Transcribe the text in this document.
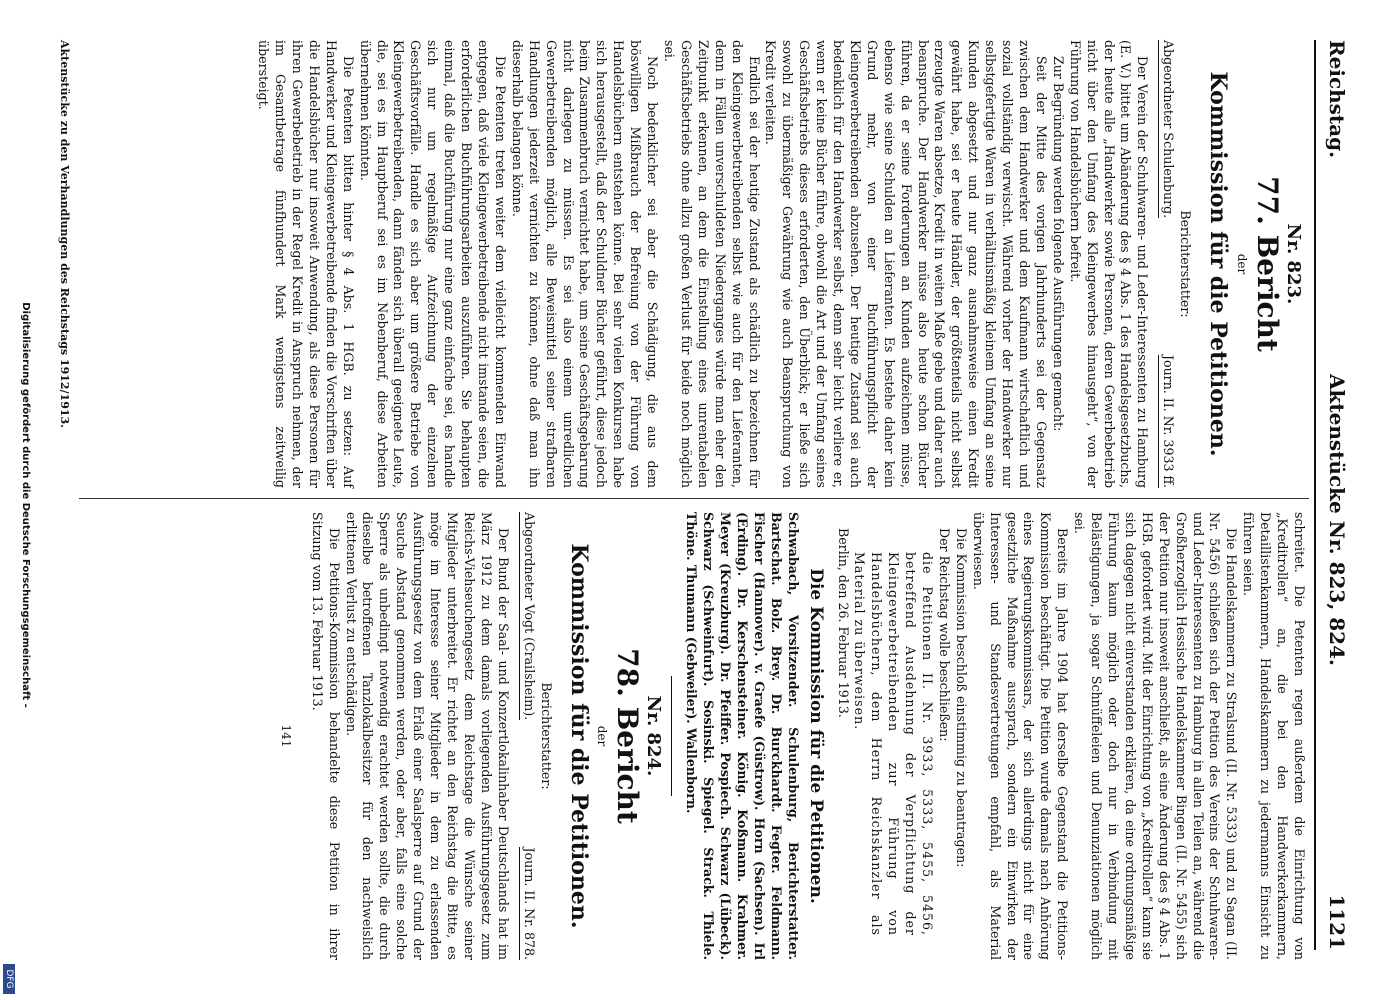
Reichstag.
Aktenstücke Nr. 823, 824.
1121
Nr. 823.
77. Bericht
der
Kommission für die Petitionen.
Berichterstatter:
Abgeordneter Schulenburg.
Journ. II. Nr. 3933 ff.

Der Verein der Schuhwaren- und Leder-Interessenten zu Hamburg (E. V.) bittet um Abänderung des § 4 Abs. 1 des Handelsgesetzbuchs, der heute alle „Handwerker sowie Personen, deren Gewerbebetrieb nicht über den Umfang des Kleingewerbes hinausgeht“, von der Führung von Handelsbüchern befreit.

Zur Begründung werden folgende Ausführungen gemacht:

Seit der Mitte des vorigen Jahrhunderts sei der Gegensatz zwischen dem Handwerker und dem Kaufmann wirtschaftlich und sozial vollständig verwischt. Während vorher der Handwerker nur selbstgefertigte Waren in verhältnismäßig kleinem Umfang an seine Kunden abgesetzt und nur ganz ausnahmsweise einen Kredit gewährt habe, sei er heute Händler, der größtenteils nicht selbst erzeugte Waren absetze, Kredit in weiten Maße gebe und daher auch beanspruche. Der Handwerker müsse also heute schon Bücher führen, da er seine Forderungen an Kunden aufzeichnen müsse, ebenso wie seine Schulden an Lieferanten. Es bestehe daher kein Grund mehr, von einer Buchführungspflicht der Kleingewerbetreibenden abzusehen. Der heutige Zustand sei auch bedenklich für den Handwerker selbst, denn sehr leicht verliere er, wenn er keine Bücher führe, obwohl die Art und der Umfang seines Geschäftsbetriebs dieses erforderten, den Überblick; er ließe sich sowohl zu übermäßiger Gewährung wie auch Beanspruchung von Kredit verleiten.

Endlich sei der heutige Zustand als schädlich zu bezeichnen für den Kleingewerbetreibenden selbst wie auch für den Lieferanten, denn in Fällen unverschuldeten Niederganges würde man eher den Zeitpunkt erkennen, an dem die Einstellung eines unrentabelen Geschäftsbetriebs ohne allzu großen Verlust für beide noch möglich sei.

Noch bedenklicher sei aber die Schädigung, die aus dem böswilligen Mißbrauch der Befreiung von der Führung von Handelsbüchern entstehen könne. Bei sehr vielen Konkursen habe sich herausgestellt, daß der Schuldner Bücher geführt, diese jedoch beim Zusammenbruch vernichtet habe, um seine Geschäftsgebarung nicht darlegen zu müssen. Es sei also einem unredlichen Gewerbetreibenden möglich, alle Beweismittel seiner strafbaren Handlungen jederzeit vernichten zu können, ohne daß man ihn dieserhalb belangen könne.

Die Petenten treten weiter dem vielleicht kommenden Einwand entgegen, daß viele Kleingewerbetreibende nicht imstande seien, die erforderlichen Buchführungsarbeiten auszuführen. Sie behaupten einmal, daß die Buchführung nur eine ganz einfache sei, es handle sich nur um regelmäßige Aufzeichnung der einzelnen Geschäftsvorfälle. Handle es sich aber um größere Betriebe von Kleingewerbetreibenden, dann fänden sich überall geeignete Leute, die, sei es im Hauptberuf sei es im Nebenberuf, diese Arbeiten übernehmen könnten.

Die Petenten bitten hinter § 4 Abs. 1 HGB. zu setzen: Auf Handwerker und Kleingewerbetreibende finden die Vorschriften über die Handelsbücher nur insoweit Anwendung, als diese Personen für ihren Gewerbebetrieb in der Regel Kredit in Anspruch nehmen, der im Gesamtbetrage fünfhundert Mark wenigstens zeitweilig übersteigt.

schreitet. Die Petenten regen außerdem die Einrichtung von „Kreditrollen“ an, die bei den Handwerkerkammern, Detaillistenkammern, Handelskammern zu jedermanns Einsicht zu führen seien.

Die Handelskammern zu Stralsund (II. Nr. 5333) und zu Sagan (II. Nr. 5456) schließen sich der Petition des Vereins der Schuhwaren- und Leder-Interessenten zu Hamburg in allen Teilen an, während die Großherzoglich Hessische Handelskammer Bingen (II. Nr. 5455) sich der Petition nur insoweit anschließt, als eine Änderung des § 4 Abs. 1 HGB. gefordert wird. Mit der Einrichtung von „Kreditrollen“ kann sie sich dagegen nicht einverstanden erklären, da eine ordnungsmäßige Führung kaum möglich oder doch nur in Verbindung mit Belästigungen, ja sogar Schnüffeleien und Denunziationen möglich sei.

Bereits im Jahre 1904 hat derselbe Gegenstand die Petitions-Kommission beschäftigt. Die Petition wurde damals nach Anhörung eines Regierungskommissars, der sich allerdings nicht für eine gesetzliche Maßnahme aussprach, sondern ein Einwirken der Interessen- und Standesvertretungen empfahl, als Material überwiesen.

Die Kommission beschloß einstimmig zu beantragen:

Der Reichstag wolle beschließen:

die Petitionen II. Nr. 3933, 5333, 5455, 5456, betreffend Ausdehnung der Verpflichtung der Kleingewerbetreibenden zur Führung von Handelsbüchern, dem Herrn Reichskanzler als Material zu überweisen.

Berlin, den 26. Februar 1913.

Die Kommission für die Petitionen.

Schwabach, Vorsitzender. Schulenburg, Berichterstatter. Bartschat. Bolz. Brey. Dr. Burckhardt. Fegter. Feldmann. Fischer (Hannover). v. Graefe (Güstrow). Horn (Sachsen). Irl (Erding). Dr. Kerschensteiner. König. Koßmann. Krahmer. Meyer (Kreuzburg). Dr. Pfeiffer. Pospiech. Schwarz (Lübeck). Schwarz (Schweinfurt). Sosinski. Spiegel. Strack. Thiele. Thöne. Thumann (Gebweiler). Wallenborn.

Nr. 824.
78. Bericht
der
Kommission für die Petitionen.
Berichterstatter:
Abgeordneter Vogt (Crailsheim).
Journ. II. Nr. 878.

Der Bund der Saal- und Konzertlokalinhaber Deutschlands hat im März 1912 zu dem damals vorliegenden Ausführungsgesetz zum Reichs-Viehseuchengesetz dem Reichstage die Wünsche seiner Mitglieder unterbreitet. Er richtet an den Reichstag die Bitte, es möge im Interesse seiner Mitglieder in dem zu erlassenden Ausführungsgesetz von dem Erlaß einer Saalsperre auf Grund der Seuche Abstand genommen werden, oder aber, falls eine solche Sperre als unbedingt notwendig erachtet werden sollte, die durch dieselbe betroffenen Tanzlokalbesitzer für den nachweislich erlittenen Verlust zu entschädigen.

Die Petitions-Kommission behandelte diese Petition in ihrer Sitzung vom 13. Februar 1913.

141
Aktenstücke zu den Verhandlungen des Reichstags 1912/1913.
Digitalisierung gefördert durch die Deutsche Forschungsgemeinschaft -
DFG
